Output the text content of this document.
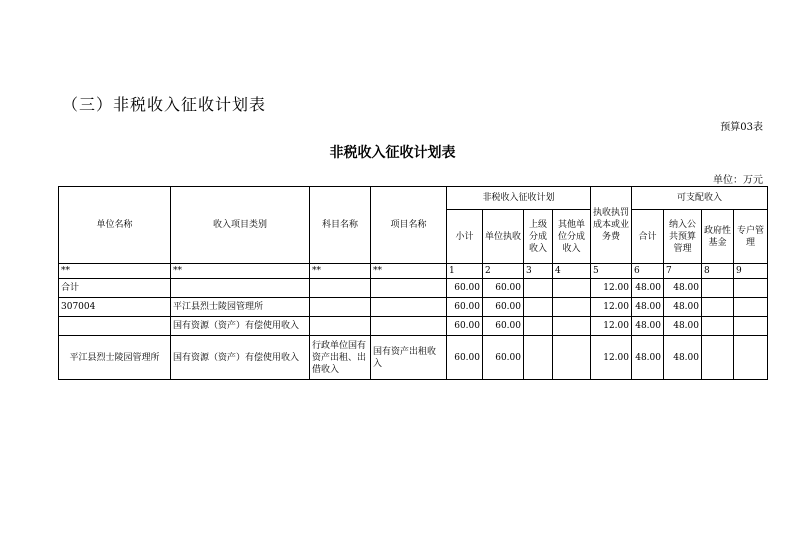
（三）非税收入征收计划表
预算03表
非税收入征收计划表
单位：万元
单位名称	收入项目类别	科目名称	项目名称	非税收入征收计划				执收执罚成本或业务费	可支配收入			
				小计	单位执收	上级分成收入	其他单位分成收入		合计	纳入公共预算管理	政府性基金	专户管理
**	**	**	**	1	2	3	4	5	6	7	8	9
合计				60.00	60.00			12.00	48.00	48.00		
307004	平江县烈士陵园管理所			60.00	60.00			12.00	48.00	48.00		
	国有资源（资产）有偿使用收入			60.00	60.00			12.00	48.00	48.00		
平江县烈士陵园管理所	国有资源（资产）有偿使用收入	行政单位国有资产出租、出借收入	国有资产出租收入	60.00	60.00			12.00	48.00	48.00		
